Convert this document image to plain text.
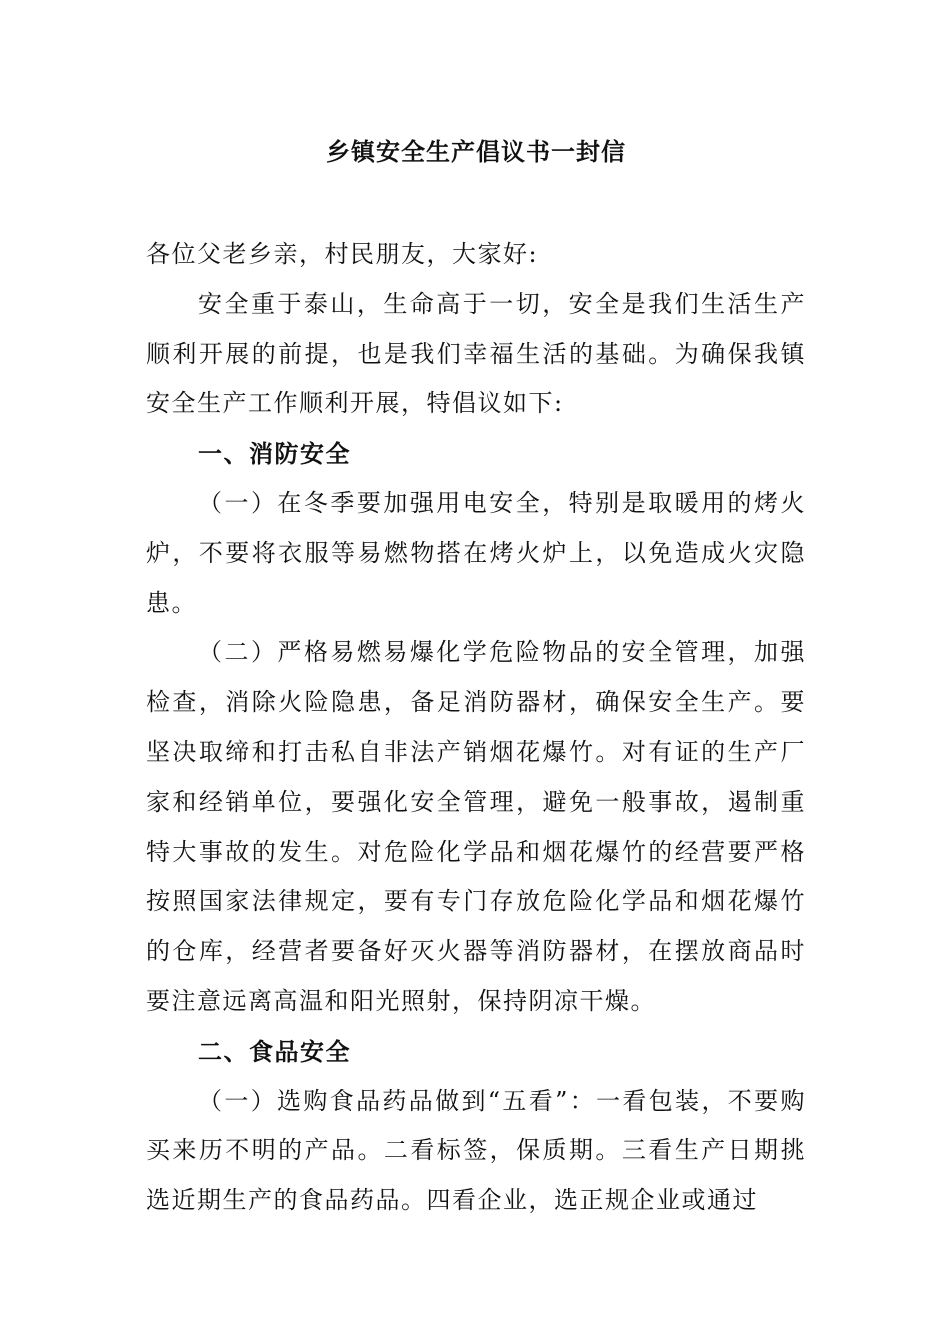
乡镇安全生产倡议书一封信

各位父老乡亲，村民朋友，大家好:

安全重于泰山，生命高于一切，安全是我们生活生产顺利开展的前提，也是我们幸福生活的基础。为确保我镇安全生产工作顺利开展，特倡议如下:

一、消防安全

（一）在冬季要加强用电安全，特别是取暖用的烤火炉，不要将衣服等易燃物搭在烤火炉上，以免造成火灾隐患。

（二）严格易燃易爆化学危险物品的安全管理，加强检查，消除火险隐患，备足消防器材，确保安全生产。要坚决取缔和打击私自非法产销烟花爆竹。对有证的生产厂家和经销单位，要强化安全管理，避免一般事故，遏制重特大事故的发生。对危险化学品和烟花爆竹的经营要严格按照国家法律规定，要有专门存放危险化学品和烟花爆竹的仓库，经营者要备好灭火器等消防器材，在摆放商品时要注意远离高温和阳光照射，保持阴凉干燥。

二、食品安全

（一）选购食品药品做到“五看”：一看包装，不要购买来历不明的产品。二看标签，保质期。三看生产日期挑选近期生产的食品药品。四看企业，选正规企业或通过
